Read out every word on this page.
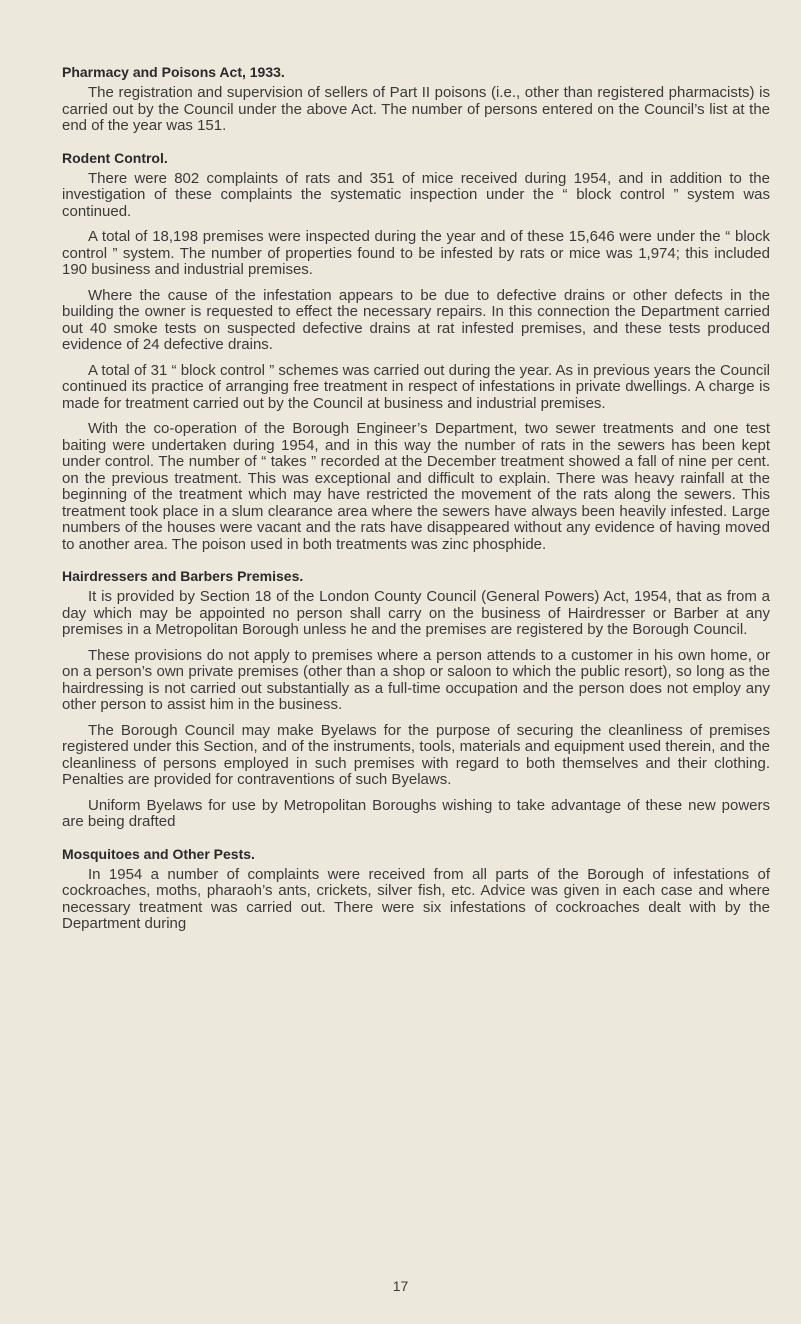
Pharmacy and Poisons Act, 1933.

The registration and supervision of sellers of Part II poisons (i.e., other than registered pharmacists) is carried out by the Council under the above Act. The number of persons entered on the Council’s list at the end of the year was 151.

Rodent Control.

There were 802 complaints of rats and 351 of mice received during 1954, and in addition to the investigation of these complaints the systematic inspection under the “ block control ” system was continued.

A total of 18,198 premises were inspected during the year and of these 15,646 were under the “ block control ” system. The number of properties found to be infested by rats or mice was 1,974; this included 190 business and industrial premises.

Where the cause of the infestation appears to be due to defective drains or other defects in the building the owner is requested to effect the necessary repairs. In this connection the Department carried out 40 smoke tests on suspected defective drains at rat infested premises, and these tests produced evidence of 24 defective drains.

A total of 31 “ block control ” schemes was carried out during the year. As in previous years the Council continued its practice of arranging free treatment in respect of infestations in private dwellings. A charge is made for treatment carried out by the Council at business and industrial premises.

With the co-operation of the Borough Engineer’s Department, two sewer treatments and one test baiting were undertaken during 1954, and in this way the number of rats in the sewers has been kept under control. The number of “ takes ” recorded at the December treatment showed a fall of nine per cent. on the previous treatment. This was exceptional and difficult to explain. There was heavy rainfall at the beginning of the treatment which may have restricted the movement of the rats along the sewers. This treatment took place in a slum clearance area where the sewers have always been heavily infested. Large numbers of the houses were vacant and the rats have disappeared without any evidence of having moved to another area. The poison used in both treatments was zinc phosphide.

Hairdressers and Barbers Premises.

It is provided by Section 18 of the London County Council (General Powers) Act, 1954, that as from a day which may be appointed no person shall carry on the business of Hairdresser or Barber at any premises in a Metropolitan Borough unless he and the premises are registered by the Borough Council.

These provisions do not apply to premises where a person attends to a customer in his own home, or on a person’s own private premises (other than a shop or saloon to which the public resort), so long as the hairdressing is not carried out substantially as a full-time occupation and the person does not employ any other person to assist him in the business.

The Borough Council may make Byelaws for the purpose of securing the cleanliness of premises registered under this Section, and of the instruments, tools, materials and equipment used therein, and the cleanliness of persons employed in such premises with regard to both themselves and their clothing. Penalties are provided for contraventions of such Byelaws.

Uniform Byelaws for use by Metropolitan Boroughs wishing to take advantage of these new powers are being drafted

Mosquitoes and Other Pests.

In 1954 a number of complaints were received from all parts of the Borough of infestations of cockroaches, moths, pharaoh’s ants, crickets, silver fish, etc. Advice was given in each case and where necessary treatment was carried out. There were six infestations of cockroaches dealt with by the Department during

17
